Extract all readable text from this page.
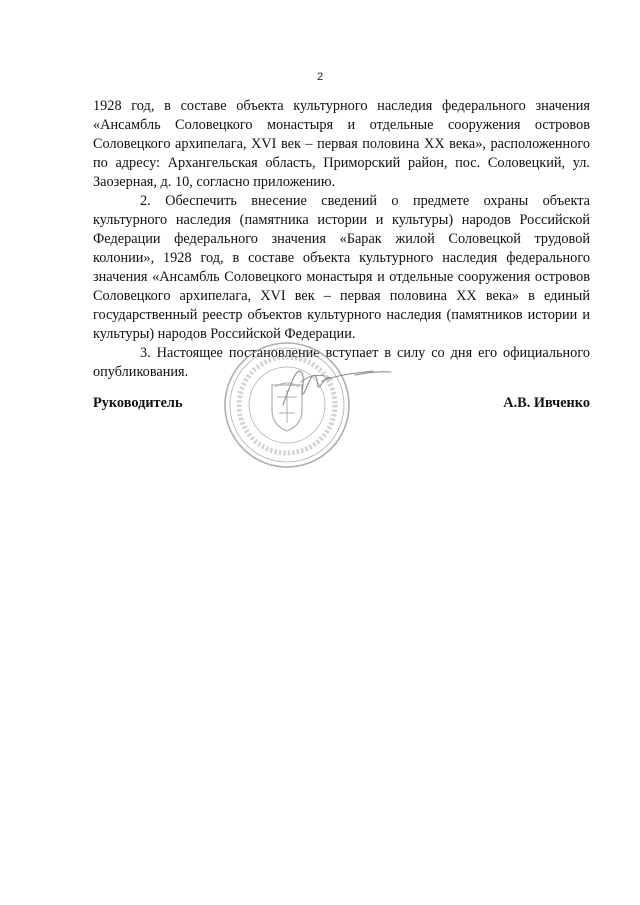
2

1928 год, в составе объекта культурного наследия федерального значения «Ансамбль Соловецкого монастыря и отдельные сооружения островов Соловецкого архипелага, XVI век – первая половина XX века», расположенного по адресу: Архангельская область, Приморский район, пос. Соловецкий, ул. Заозерная, д. 10, согласно приложению.

2. Обеспечить внесение сведений о предмете охраны объекта культурного наследия (памятника истории и культуры) народов Российской Федерации федерального значения «Барак жилой Соловецкой трудовой колонии», 1928 год, в составе объекта культурного наследия федерального значения «Ансамбль Соловецкого монастыря и отдельные сооружения островов Соловецкого архипелага, XVI век – первая половина XX века» в единый государственный реестр объектов культурного наследия (памятников истории и культуры) народов Российской Федерации.

3. Настоящее постановление вступает в силу со дня его официального опубликования.

Руководитель	А.В. Ивченко
